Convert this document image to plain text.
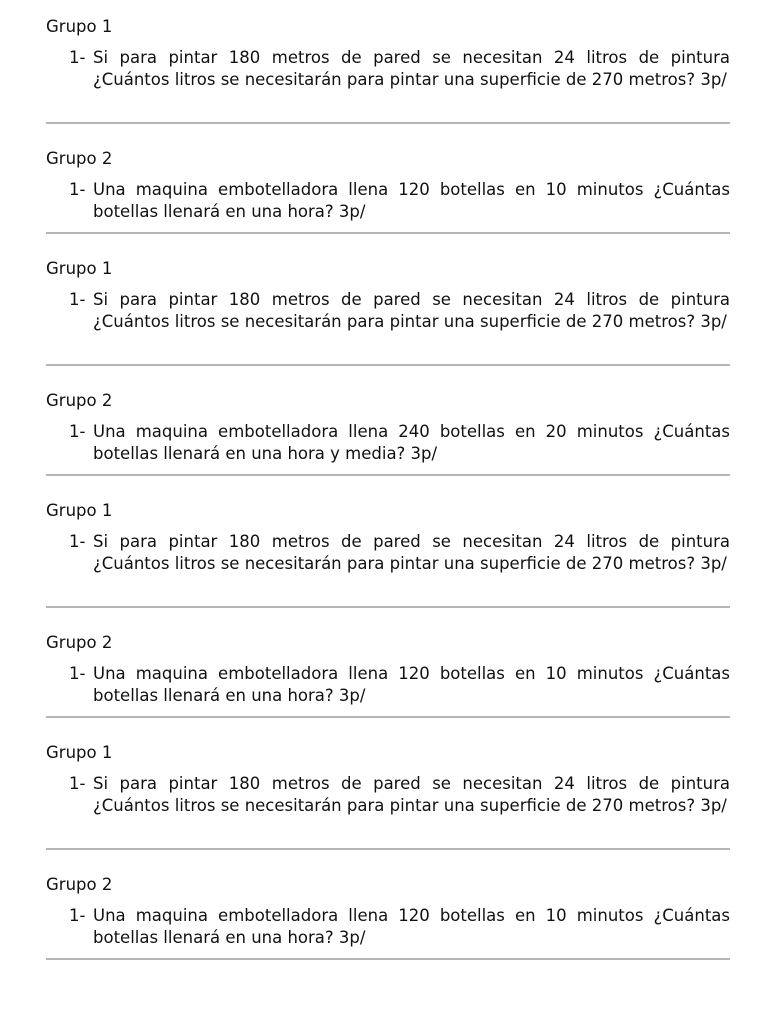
Grupo 1
1- Si para pintar 180 metros de pared se necesitan 24 litros de pintura ¿Cuántos litros se necesitarán para pintar una superficie de 270 metros? 3p/
Grupo 2
1- Una maquina embotelladora llena 120 botellas en 10 minutos ¿Cuántas botellas llenará en una hora? 3p/
Grupo 1
1- Si para pintar 180 metros de pared se necesitan 24 litros de pintura ¿Cuántos litros se necesitarán para pintar una superficie de 270 metros? 3p/
Grupo 2
1- Una maquina embotelladora llena 240 botellas en 20 minutos ¿Cuántas botellas llenará en una hora y media? 3p/
Grupo 1
1- Si para pintar 180 metros de pared se necesitan 24 litros de pintura ¿Cuántos litros se necesitarán para pintar una superficie de 270 metros? 3p/
Grupo 2
1- Una maquina embotelladora llena 120 botellas en 10 minutos ¿Cuántas botellas llenará en una hora? 3p/
Grupo 1
1- Si para pintar 180 metros de pared se necesitan 24 litros de pintura ¿Cuántos litros se necesitarán para pintar una superficie de 270 metros? 3p/
Grupo 2
1- Una maquina embotelladora llena 120 botellas en 10 minutos ¿Cuántas botellas llenará en una hora? 3p/
